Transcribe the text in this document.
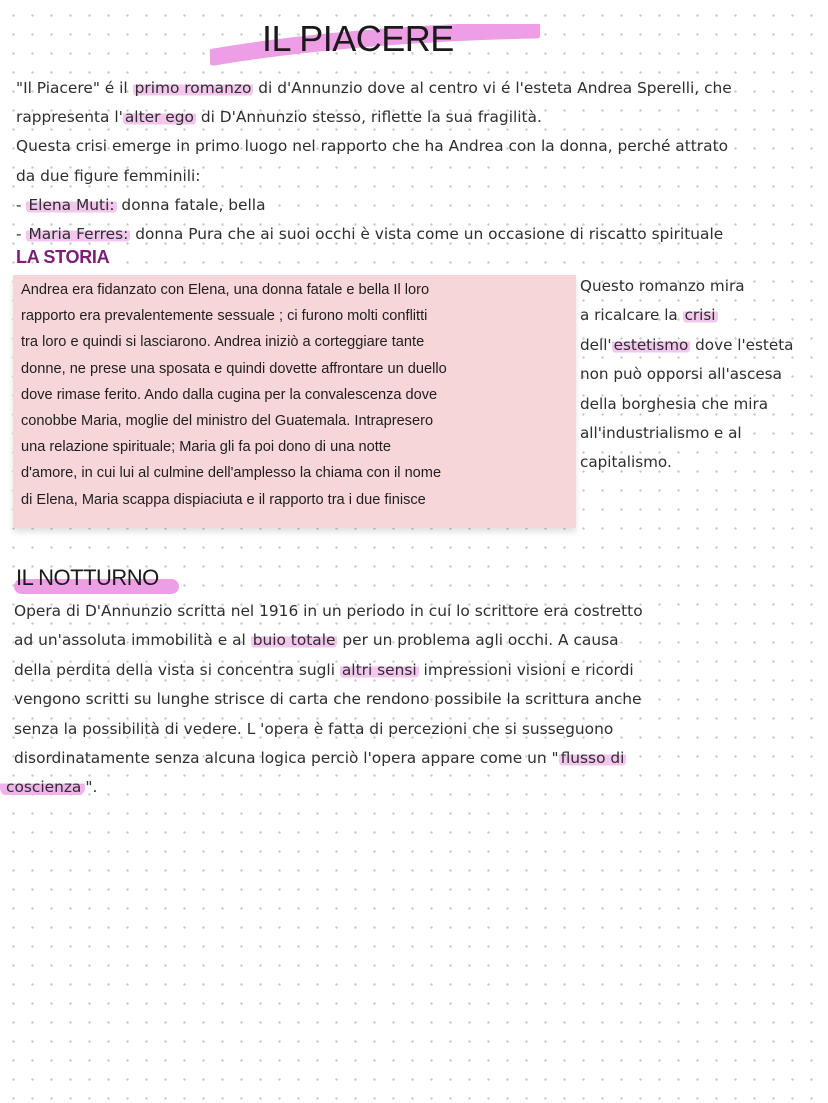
IL PIACERE

"Il Piacere" é il primo romanzo di d'Annunzio dove al centro vi é l'esteta Andrea Sperelli, che

rappresenta l' alter ego di D'Annunzio stesso, riflette la sua fragilità.

Questa crisi emerge in primo luogo nel rapporto che ha Andrea con la donna, perché attrato

da due figure femminili:

- Elena Muti: donna fatale, bella

- Maria Ferres: donna Pura che ai suoi occhi è vista come un occasione di riscatto spirituale

LA STORIA

Andrea era fidanzato con Elena, una donna fatale e bella Il loro

rapporto era prevalentemente sessuale ; ci furono molti conflitti

tra loro e quindi si lasciarono. Andrea iniziò a corteggiare tante

donne, ne prese una sposata e quindi dovette affrontare un duello

dove rimase ferito. Ando dalla cugina per la convalescenza dove

conobbe Maria, moglie del ministro del Guatemala. Intrapresero

una relazione spirituale; Maria gli fa poi dono di una notte

d'amore, in cui lui al culmine dell'amplesso la chiama con il nome

di Elena, Maria scappa dispiaciuta e il rapporto tra i due finisce

Questo romanzo mira

a ricalcare la crisi

dell' estetismo dove l'esteta

non può opporsi all'ascesa

della borghesia che mira

all'industrialismo e al

capitalismo.

IL NOTTURNO

Opera di D'Annunzio scritta nel 1916 in un periodo in cui lo scrittore era costretto

ad un'assoluta immobilità e al buio totale per un problema agli occhi. A causa

della perdita della vista si concentra sugli altri sensi impressioni visioni e ricordi

vengono scritti su lunghe strisce di carta che rendono possibile la scrittura anche

senza la possibilità di vedere. L 'opera è fatta di percezioni che si susseguono

disordinatamente senza alcuna logica perciò l'opera appare come un " flusso di

coscienza ".
